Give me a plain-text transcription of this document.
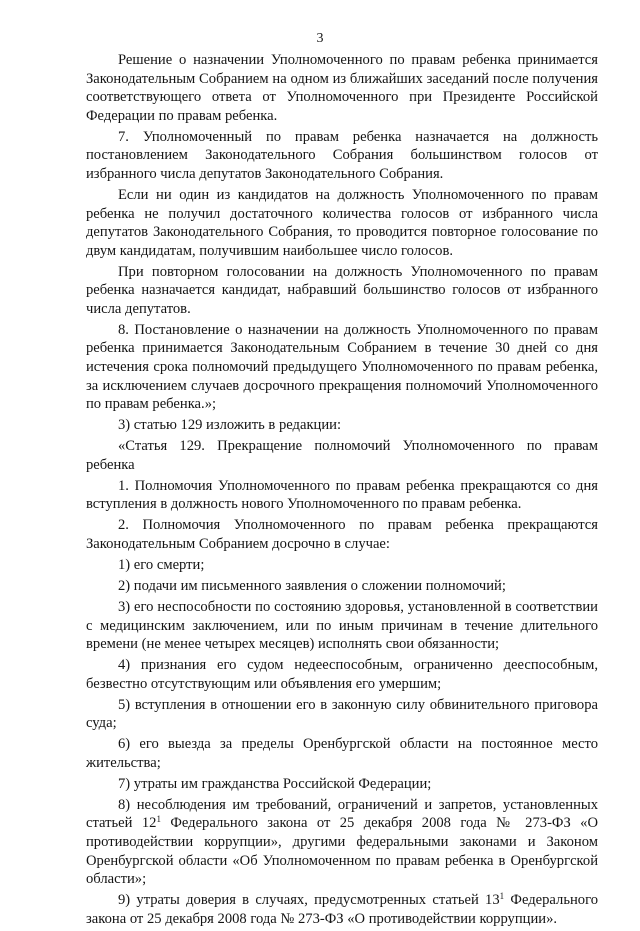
3

Решение о назначении Уполномоченного по правам ребенка принимается Законодательным Собранием на одном из ближайших заседаний после получения соответствующего ответа от Уполномоченного при Президенте Российской Федерации по правам ребенка.

7. Уполномоченный по правам ребенка назначается на должность постановлением Законодательного Собрания большинством голосов от избранного числа депутатов Законодательного Собрания.

Если ни один из кандидатов на должность Уполномоченного по правам ребенка не получил достаточного количества голосов от избранного числа депутатов Законодательного Собрания, то проводится повторное голосование по двум кандидатам, получившим наибольшее число голосов.

При повторном голосовании на должность Уполномоченного по правам ребенка назначается кандидат, набравший большинство голосов от избранного числа депутатов.

8. Постановление о назначении на должность Уполномоченного по правам ребенка принимается Законодательным Собранием в течение 30 дней со дня истечения срока полномочий предыдущего Уполномоченного по правам ребенка, за исключением случаев досрочного прекращения полномочий Уполномоченного по правам ребенка.»;

3) статью 129 изложить в редакции:

«Статья 129. Прекращение полномочий Уполномоченного по правам ребенка

1. Полномочия Уполномоченного по правам ребенка прекращаются со дня вступления в должность нового Уполномоченного по правам ребенка.

2. Полномочия Уполномоченного по правам ребенка прекращаются Законодательным Собранием досрочно в случае:

1) его смерти;

2) подачи им письменного заявления о сложении полномочий;

3) его неспособности по состоянию здоровья, установленной в соответствии с медицинским заключением, или по иным причинам в течение длительного времени (не менее четырех месяцев) исполнять свои обязанности;

4) признания его судом недееспособным, ограниченно дееспособным, безвестно отсутствующим или объявления его умершим;

5) вступления в отношении его в законную силу обвинительного приговора суда;

6) его выезда за пределы Оренбургской области на постоянное место жительства;

7) утраты им гражданства Российской Федерации;

8) несоблюдения им требований, ограничений и запретов, установленных статьей $12^1$ Федерального закона от 25 декабря 2008 года № 273-ФЗ «О противодействии коррупции», другими федеральными законами и Законом Оренбургской области «Об Уполномоченном по правам ребенка в Оренбургской области»;

9) утраты доверия в случаях, предусмотренных статьей $13^1$ Федерального закона от 25 декабря 2008 года № 273-ФЗ «О противодействии коррупции».
